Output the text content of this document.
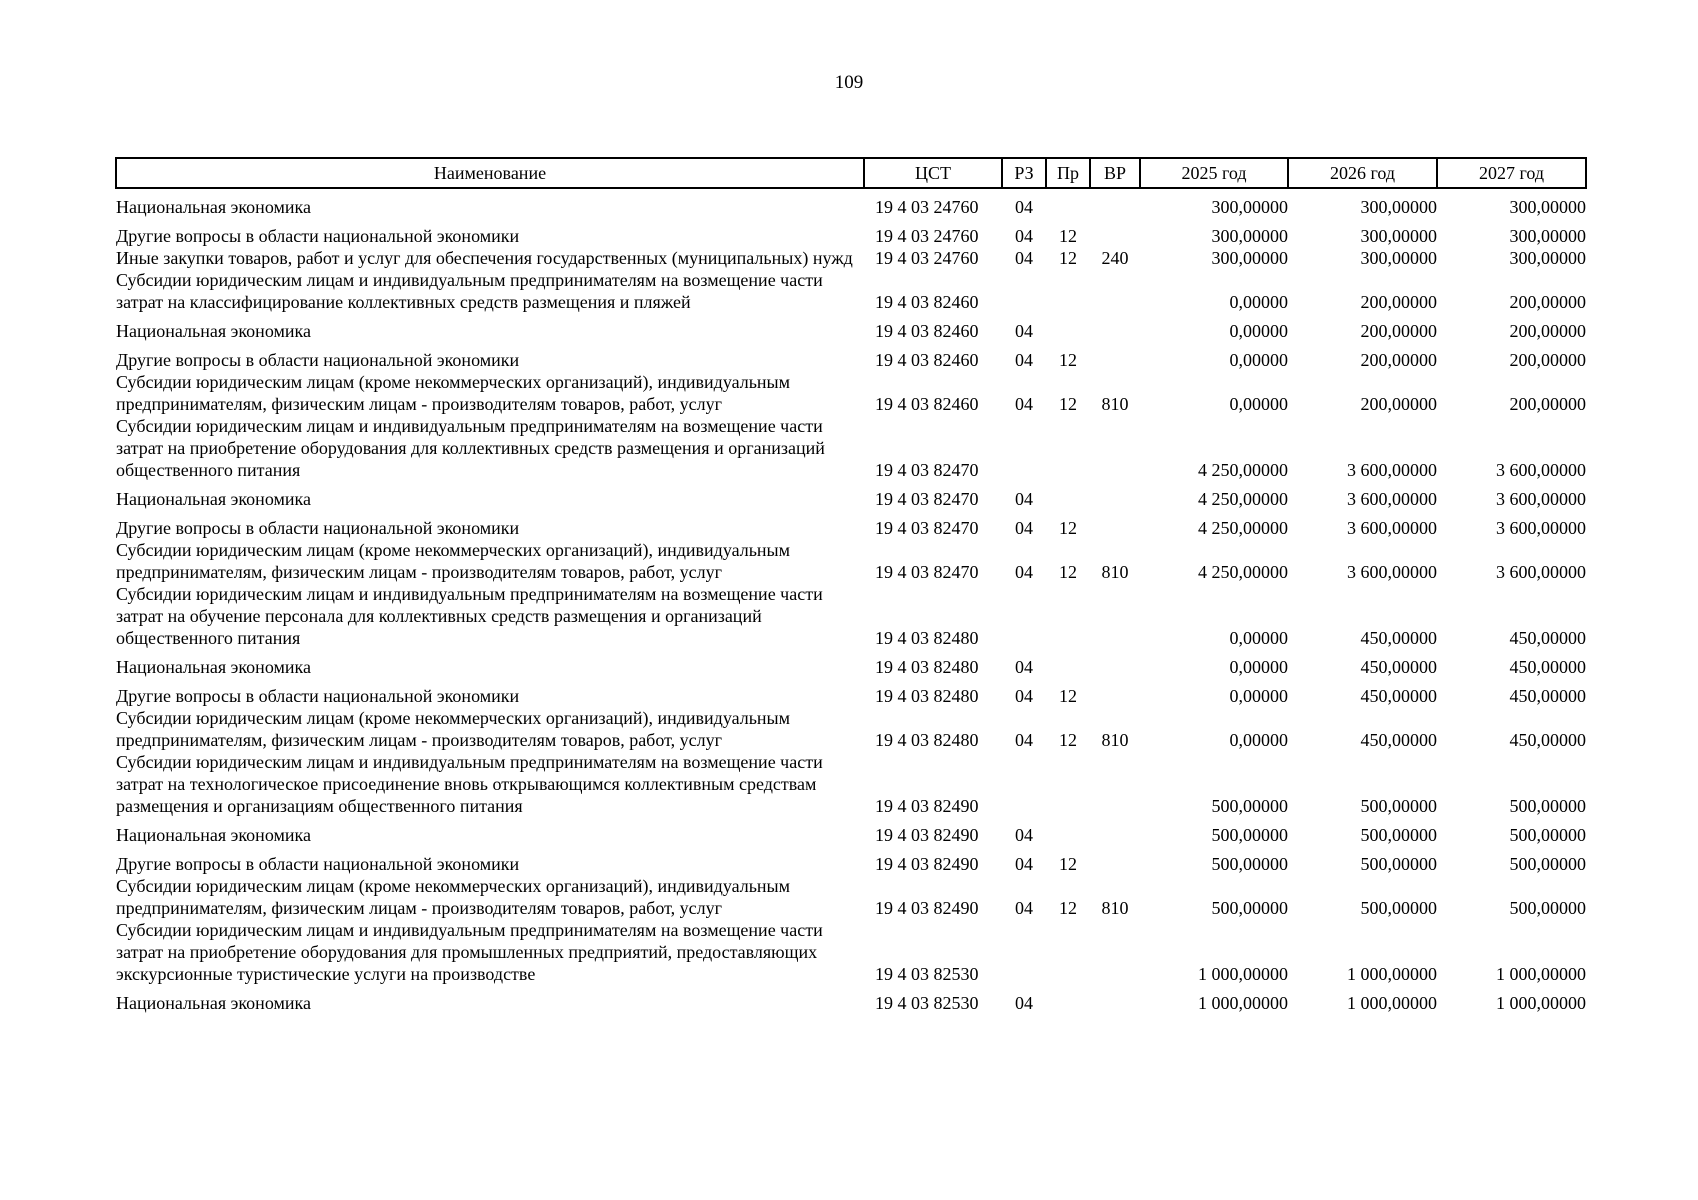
109
Наименование	ЦСТ	РЗ	Пр	ВР	2025 год	2026 год	2027 год
Национальная экономика	19 4 03 24760	04			300,00000	300,00000	300,00000
Другие вопросы в области национальной экономики	19 4 03 24760	04	12		300,00000	300,00000	300,00000
Иные закупки товаров, работ и услуг для обеспечения государственных (муниципальных) нужд	19 4 03 24760	04	12	240	300,00000	300,00000	300,00000
Субсидии юридическим лицам и индивидуальным предпринимателям на возмещение части затрат на классифицирование коллективных средств размещения и пляжей	19 4 03 82460				0,00000	200,00000	200,00000
Национальная экономика	19 4 03 82460	04			0,00000	200,00000	200,00000
Другие вопросы в области национальной экономики	19 4 03 82460	04	12		0,00000	200,00000	200,00000
Субсидии юридическим лицам (кроме некоммерческих организаций), индивидуальным предпринимателям, физическим лицам - производителям товаров, работ, услуг	19 4 03 82460	04	12	810	0,00000	200,00000	200,00000
Субсидии юридическим лицам и индивидуальным предпринимателям на возмещение части затрат на приобретение оборудования для коллективных средств размещения и организаций общественного питания	19 4 03 82470				4 250,00000	3 600,00000	3 600,00000
Национальная экономика	19 4 03 82470	04			4 250,00000	3 600,00000	3 600,00000
Другие вопросы в области национальной экономики	19 4 03 82470	04	12		4 250,00000	3 600,00000	3 600,00000
Субсидии юридическим лицам (кроме некоммерческих организаций), индивидуальным предпринимателям, физическим лицам - производителям товаров, работ, услуг	19 4 03 82470	04	12	810	4 250,00000	3 600,00000	3 600,00000
Субсидии юридическим лицам и индивидуальным предпринимателям на возмещение части затрат на обучение персонала для коллективных средств размещения и организаций общественного питания	19 4 03 82480				0,00000	450,00000	450,00000
Национальная экономика	19 4 03 82480	04			0,00000	450,00000	450,00000
Другие вопросы в области национальной экономики	19 4 03 82480	04	12		0,00000	450,00000	450,00000
Субсидии юридическим лицам (кроме некоммерческих организаций), индивидуальным предпринимателям, физическим лицам - производителям товаров, работ, услуг	19 4 03 82480	04	12	810	0,00000	450,00000	450,00000
Субсидии юридическим лицам и индивидуальным предпринимателям на возмещение части затрат на технологическое присоединение вновь открывающимся коллективным средствам размещения и организациям общественного питания	19 4 03 82490				500,00000	500,00000	500,00000
Национальная экономика	19 4 03 82490	04			500,00000	500,00000	500,00000
Другие вопросы в области национальной экономики	19 4 03 82490	04	12		500,00000	500,00000	500,00000
Субсидии юридическим лицам (кроме некоммерческих организаций), индивидуальным предпринимателям, физическим лицам - производителям товаров, работ, услуг	19 4 03 82490	04	12	810	500,00000	500,00000	500,00000
Субсидии юридическим лицам и индивидуальным предпринимателям на возмещение части затрат на приобретение оборудования для промышленных предприятий, предоставляющих экскурсионные туристические услуги на производстве	19 4 03 82530				1 000,00000	1 000,00000	1 000,00000
Национальная экономика	19 4 03 82530	04			1 000,00000	1 000,00000	1 000,00000
